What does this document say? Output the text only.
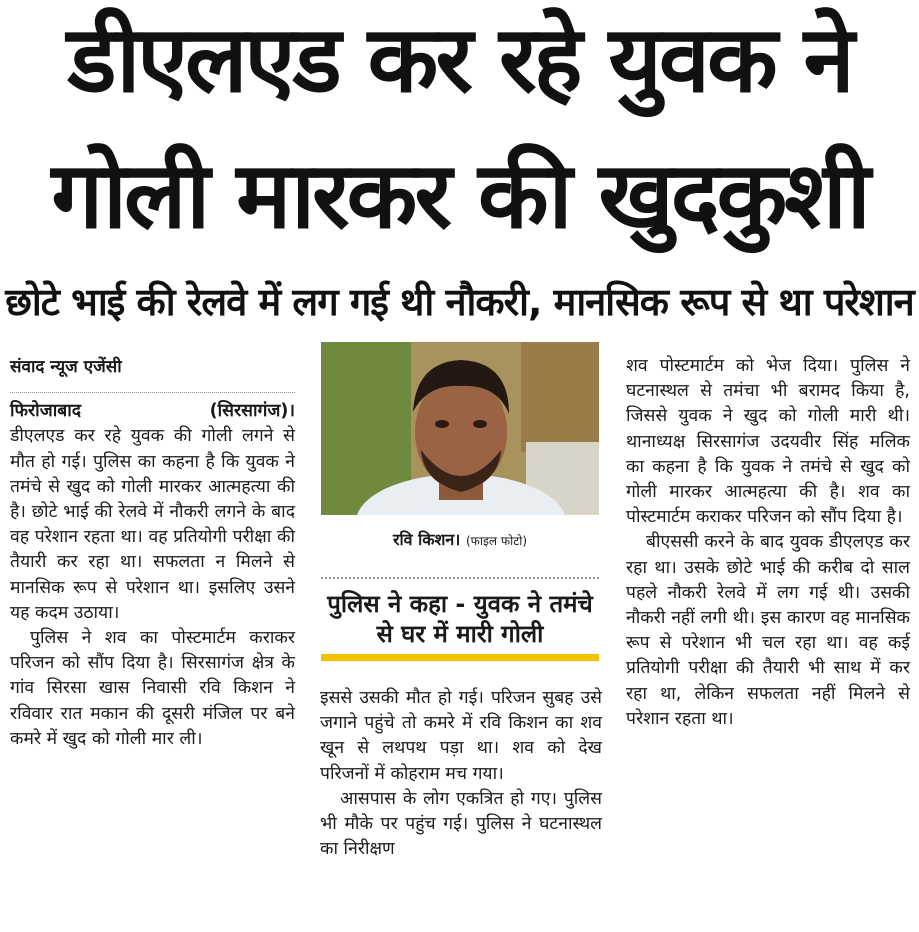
डीएलएड कर रहे युवक ने
गोली मारकर की खुदकुशी
छोटे भाई की रेलवे में लग गई थी नौकरी, मानसिक रूप से था परेशान
संवाद न्यूज एजेंसी
फिरोजाबाद	(सिरसागंज)।

डीएलएड कर रहे युवक की गोली लगने से मौत हो गई। पुलिस का कहना है कि युवक ने तमंचे से खुद को गोली मारकर आत्महत्या की है। छोटे भाई की रेलवे में नौकरी लगने के बाद वह परेशान रहता था। वह प्रतियोगी परीक्षा की तैयारी कर रहा था। सफलता न मिलने से मानसिक रूप से परेशान था। इसलिए उसने यह कदम उठाया।

पुलिस ने शव का पोस्टमार्टम कराकर परिजन को सौंप दिया है। सिरसागंज क्षेत्र के गांव सिरसा खास निवासी रवि किशन ने रविवार रात मकान की दूसरी मंजिल पर बने कमरे में खुद को गोली मार ली।

रवि किशन। (फाइल फोटो)
पुलिस ने कहा - युवक ने तमंचे से घर में मारी गोली

इससे उसकी मौत हो गई। परिजन सुबह उसे जगाने पहुंचे तो कमरे में रवि किशन का शव खून से लथपथ पड़ा था। शव को देख परिजनों में कोहराम मच गया।

आसपास के लोग एकत्रित हो गए। पुलिस भी मौके पर पहुंच गई। पुलिस ने घटनास्थल का निरीक्षण

शव पोस्टमार्टम को भेज दिया। पुलिस ने घटनास्थल से तमंचा भी बरामद किया है, जिससे युवक ने खुद को गोली मारी थी। थानाध्यक्ष सिरसागंज उदयवीर सिंह मलिक का कहना है कि युवक ने तमंचे से खुद को गोली मारकर आत्महत्या की है। शव का पोस्टमार्टम कराकर परिजन को सौंप दिया है।

बीएससी करने के बाद युवक डीएलएड कर रहा था। उसके छोटे भाई की करीब दो साल पहले नौकरी रेलवे में लग गई थी। उसकी नौकरी नहीं लगी थी। इस कारण वह मानसिक रूप से परेशान भी चल रहा था। वह कई प्रतियोगी परीक्षा की तैयारी भी साथ में कर रहा था, लेकिन सफलता नहीं मिलने से परेशान रहता था।
